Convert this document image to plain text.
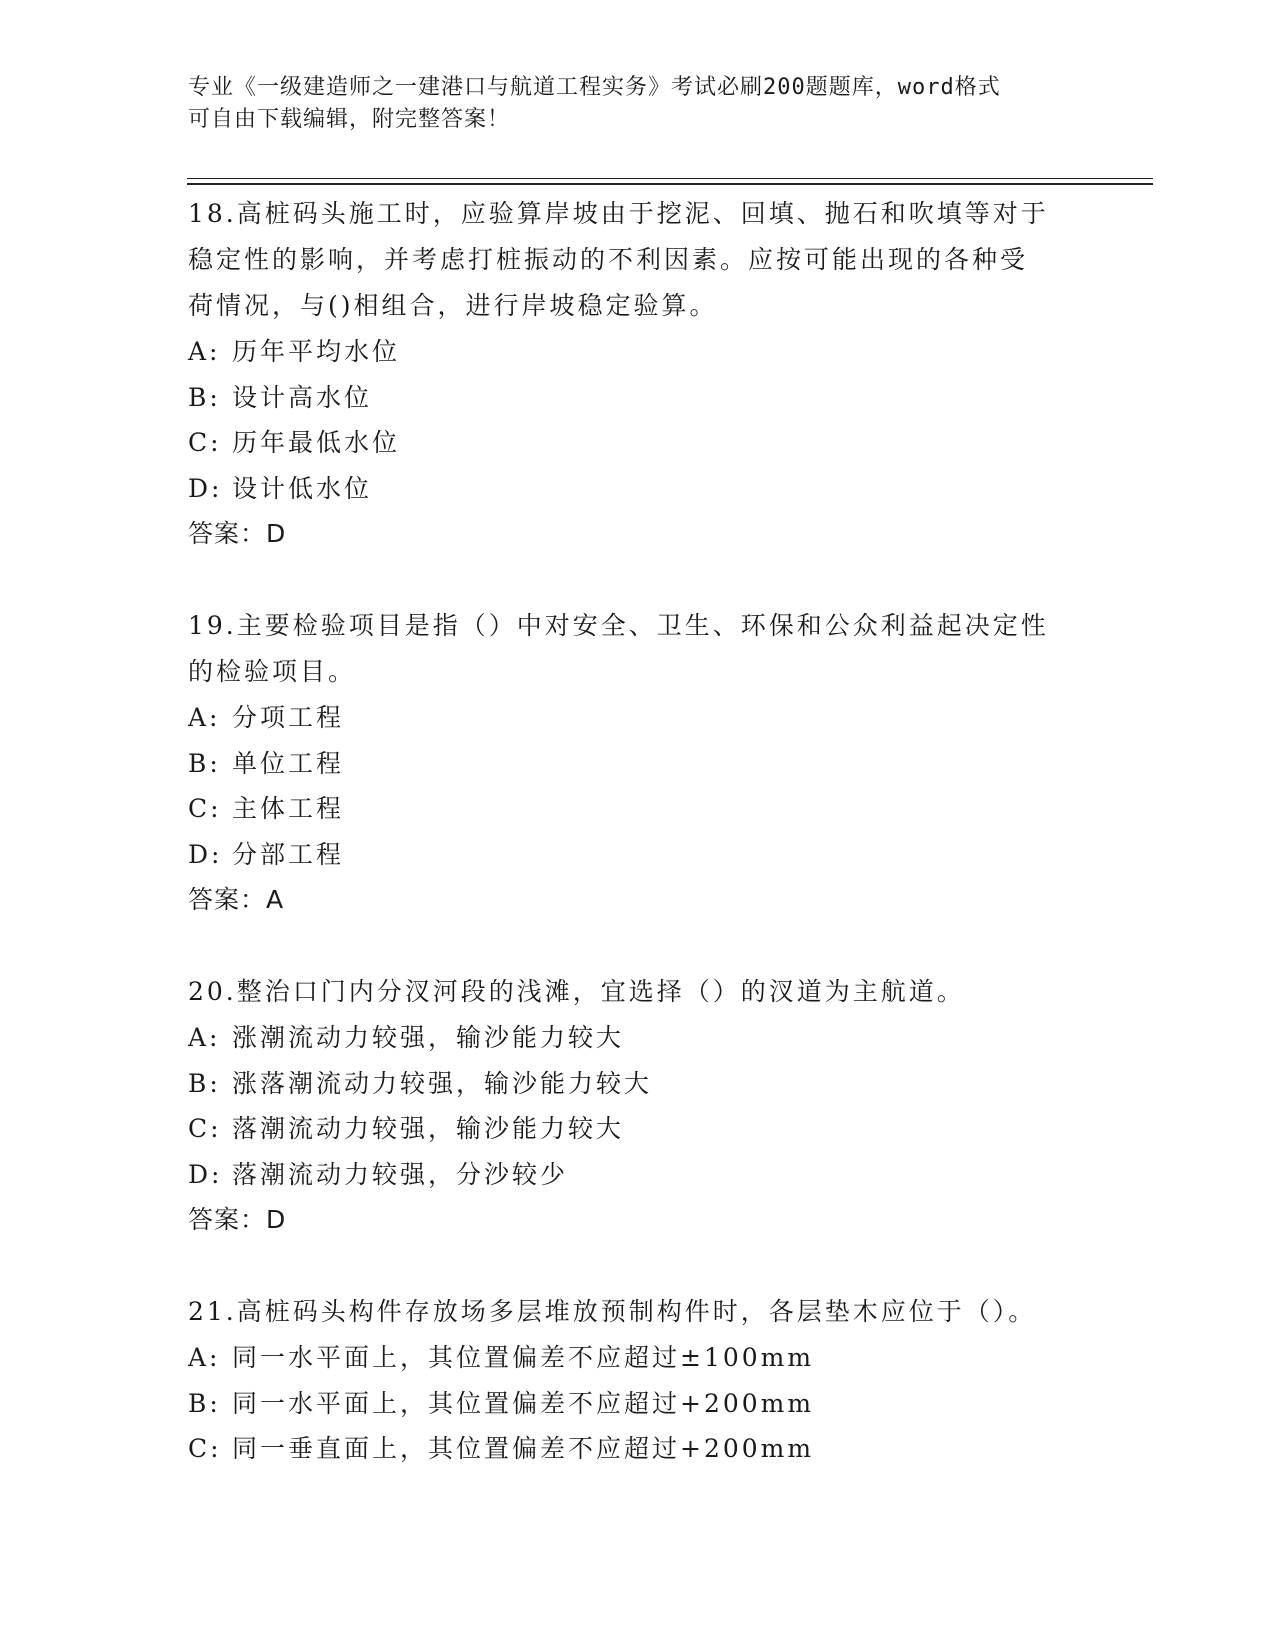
专业《一级建造师之一建港口与航道工程实务》考试必刷200题题库，word格式
可自由下载编辑，附完整答案！
18.高桩码头施工时，应验算岸坡由于挖泥、回填、抛石和吹填等对于
稳定性的影响，并考虑打桩振动的不利因素。应按可能出现的各种受
荷情况，与()相组合，进行岸坡稳定验算。
A: 历年平均水位
B: 设计高水位
C: 历年最低水位
D: 设计低水位
答案：D
19.主要检验项目是指（）中对安全、卫生、环保和公众利益起决定性
的检验项目。
A: 分项工程
B: 单位工程
C: 主体工程
D: 分部工程
答案：A
20.整治口门内分汊河段的浅滩，宜选择（）的汊道为主航道。
A: 涨潮流动力较强，输沙能力较大
B: 涨落潮流动力较强，输沙能力较大
C: 落潮流动力较强，输沙能力较大
D: 落潮流动力较强，分沙较少
答案：D
21.高桩码头构件存放场多层堆放预制构件时，各层垫木应位于（）。
A: 同一水平面上，其位置偏差不应超过±100mm
B: 同一水平面上，其位置偏差不应超过+200mm
C: 同一垂直面上，其位置偏差不应超过+200mm
